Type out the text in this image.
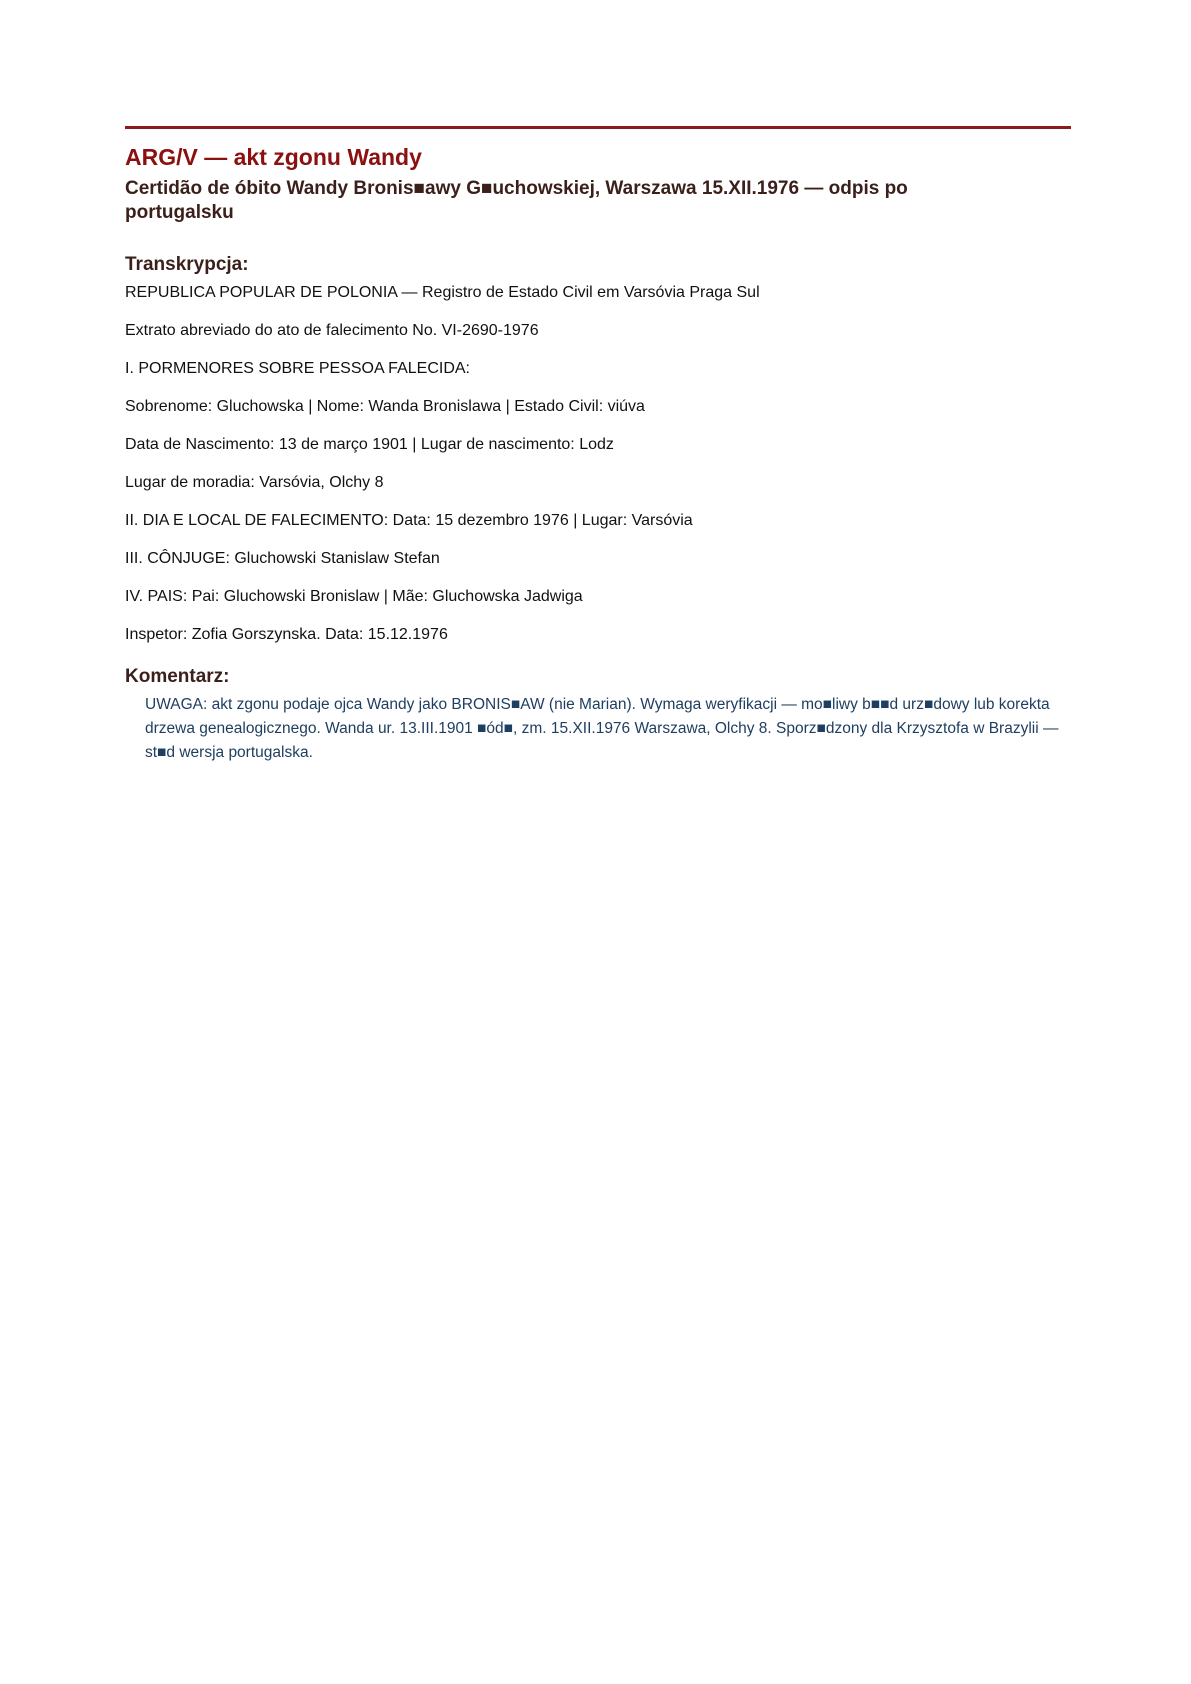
ARG/V — akt zgonu Wandy
Certidão de óbito Wandy Bronis■awy G■uchowskiej, Warszawa 15.XII.1976 — odpis po portugalsku
Transkrypcja:
REPUBLICA POPULAR DE POLONIA — Registro de Estado Civil em Varsóvia Praga Sul
Extrato abreviado do ato de falecimento No. VI-2690-1976
I. PORMENORES SOBRE PESSOA FALECIDA:
Sobrenome: Gluchowska | Nome: Wanda Bronislawa | Estado Civil: viúva
Data de Nascimento: 13 de março 1901 | Lugar de nascimento: Lodz
Lugar de moradia: Varsóvia, Olchy 8
II. DIA E LOCAL DE FALECIMENTO: Data: 15 dezembro 1976 | Lugar: Varsóvia
III. CÔNJUGE: Gluchowski Stanislaw Stefan
IV. PAIS: Pai: Gluchowski Bronislaw | Mãe: Gluchowska Jadwiga
Inspetor: Zofia Gorszynska. Data: 15.12.1976
Komentarz:
UWAGA: akt zgonu podaje ojca Wandy jako BRONIS■AW (nie Marian). Wymaga weryfikacji — mo■liwy b■■d urz■dowy lub korekta drzewa genealogicznego. Wanda ur. 13.III.1901 ■ód■, zm. 15.XII.1976 Warszawa, Olchy 8. Sporz■dzony dla Krzysztofa w Brazylii — st■d wersja portugalska.
